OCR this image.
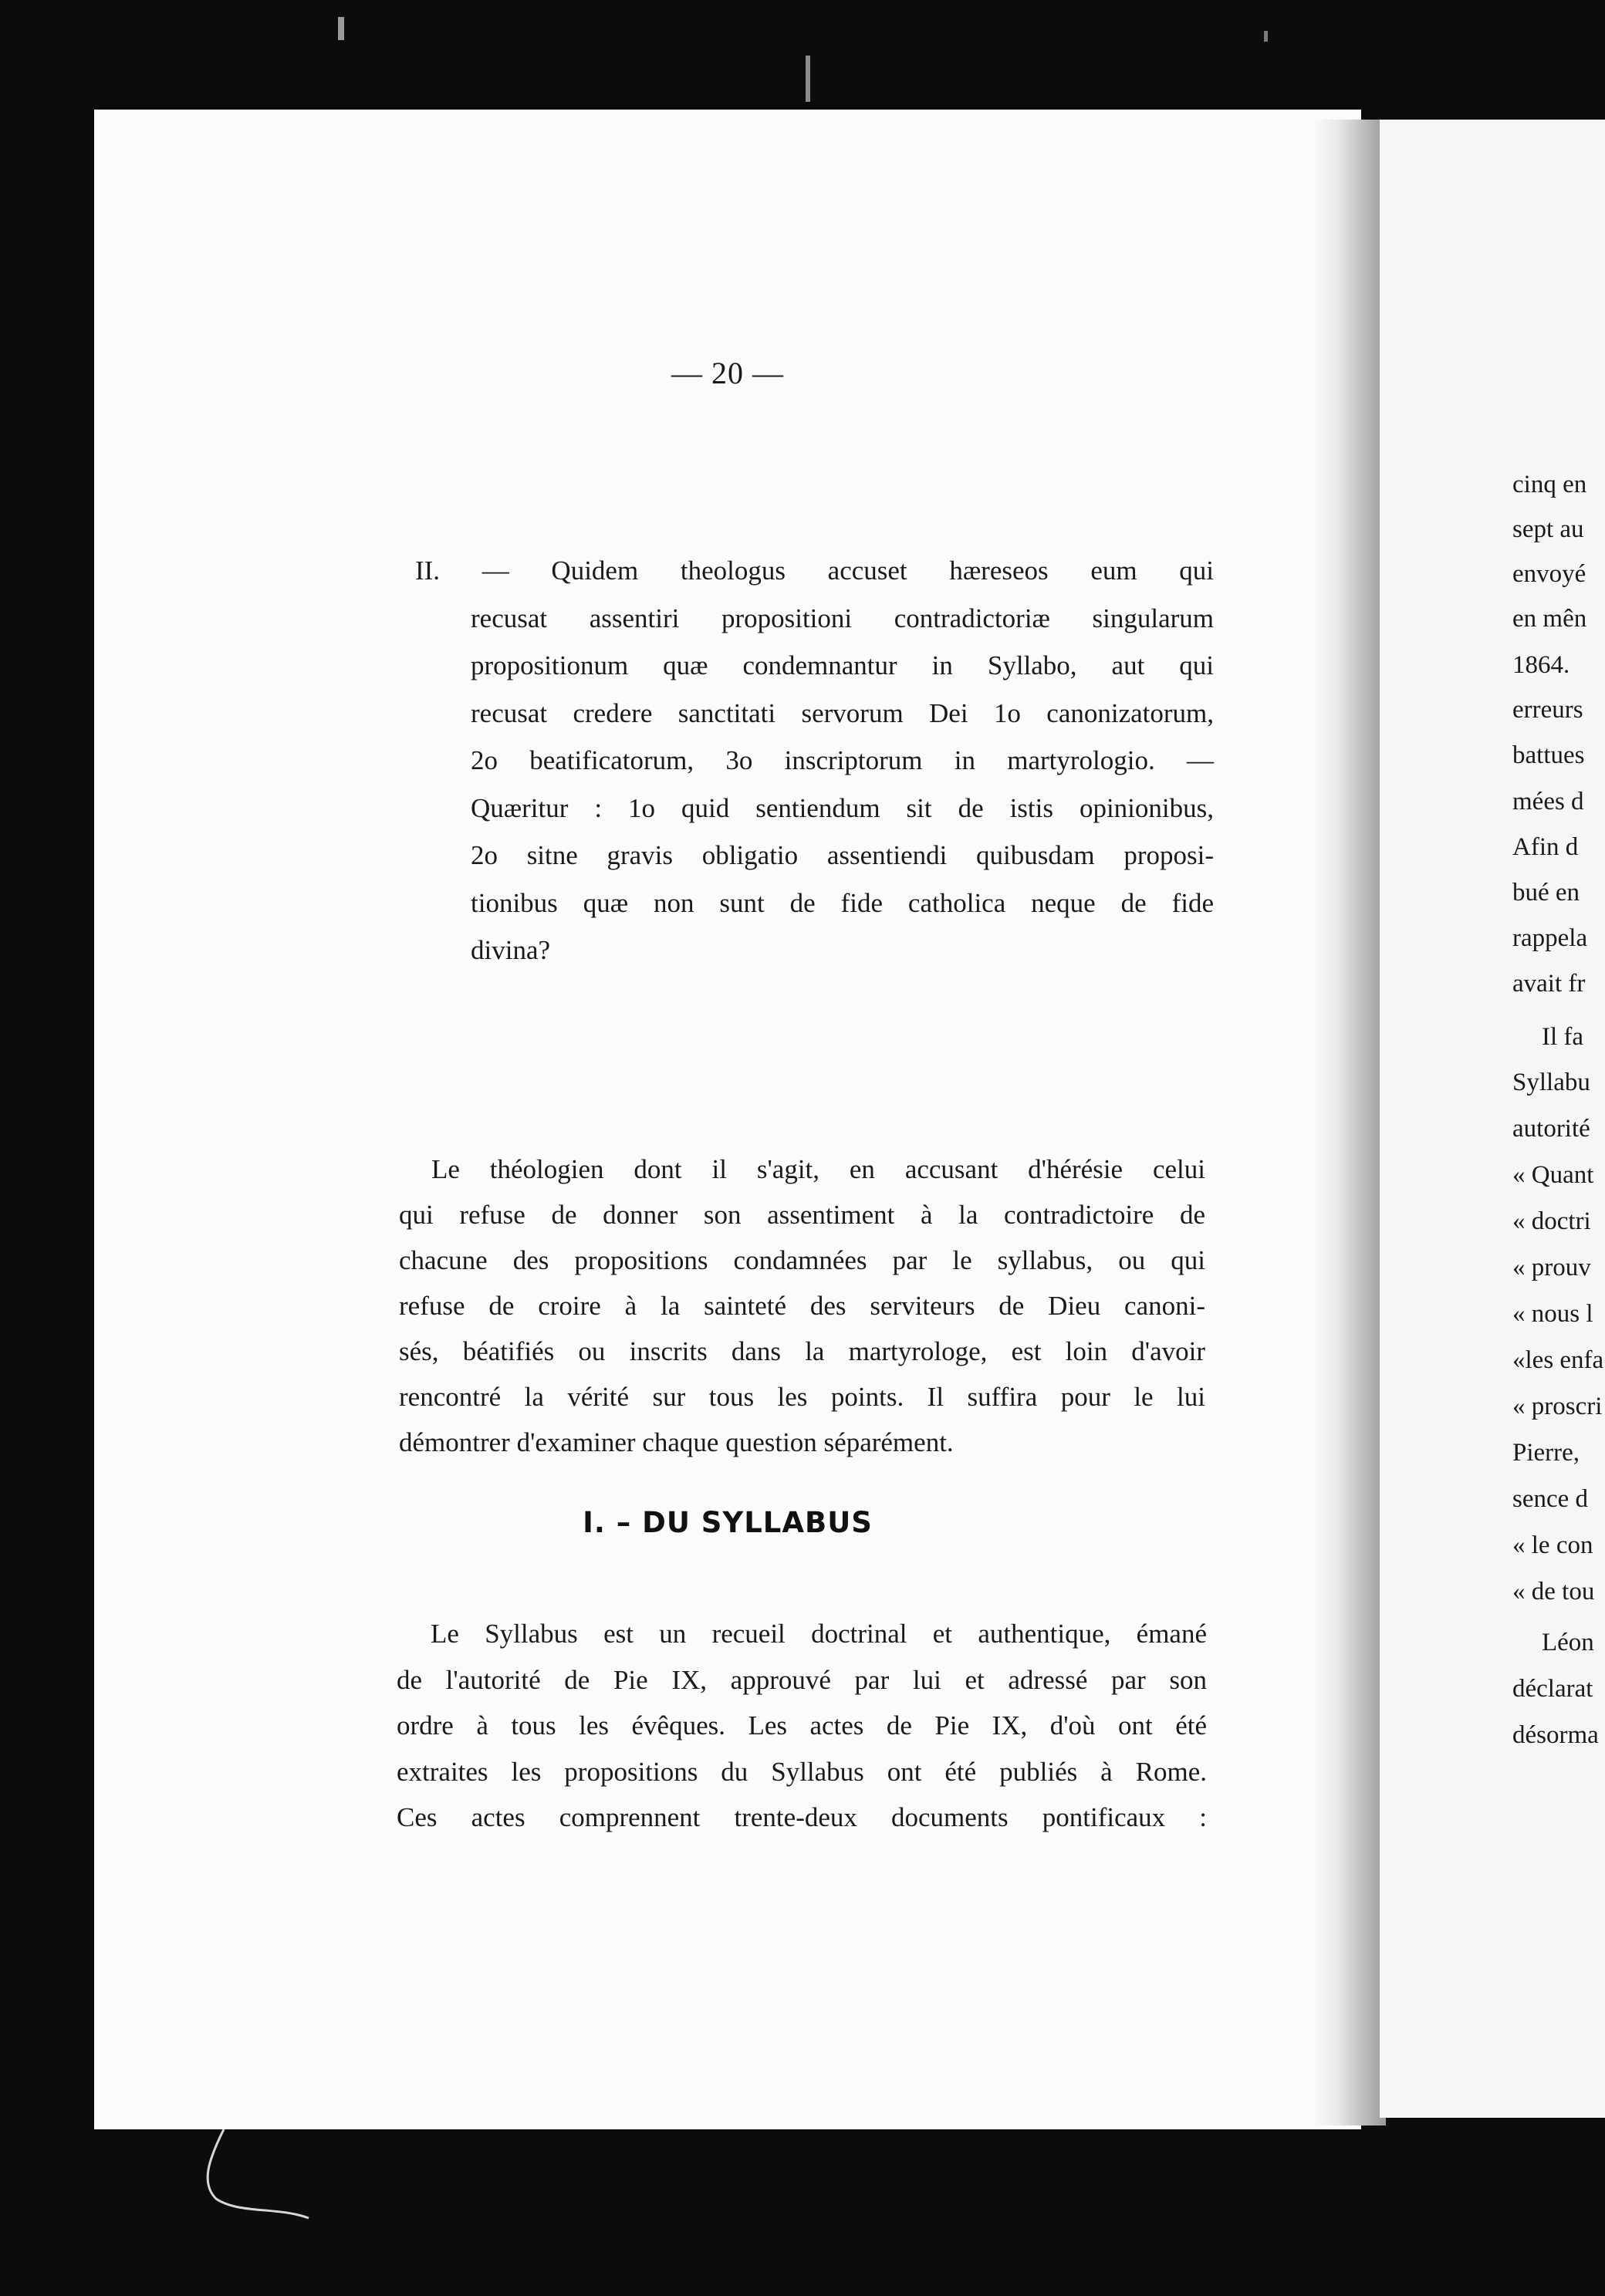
— 20 —
II. — Quidem theologus accuset hæreseos eum qui
recusat assentiri propositioni contradictoriæ singularum
propositionum quæ condemnantur in Syllabo, aut qui
recusat credere sanctitati servorum Dei 1o canonizatorum,
2o beatificatorum, 3o inscriptorum in martyrologio. —
Quæritur : 1o quid sentiendum sit de istis opinionibus,
2o sitne gravis obligatio assentiendi quibusdam proposi-
tionibus quæ non sunt de fide catholica neque de fide
divina?
Le théologien dont il s'agit, en accusant d'hérésie celui
qui refuse de donner son assentiment à la contradictoire de
chacune des propositions condamnées par le syllabus, ou qui
refuse de croire à la sainteté des serviteurs de Dieu canoni-
sés, béatifiés ou inscrits dans la martyrologe, est loin d'avoir
rencontré la vérité sur tous les points. Il suffira pour le lui
démontrer d'examiner chaque question séparément.
I. – DU SYLLABUS
Le Syllabus est un recueil doctrinal et authentique, émané
de l'autorité de Pie IX, approuvé par lui et adressé par son
ordre à tous les évêques. Les actes de Pie IX, d'où ont été
extraites les propositions du Syllabus ont été publiés à Rome.
Ces actes comprennent trente-deux documents pontificaux :
cinq en
sept au
envoyé
en mên
1864.
erreurs
battues
mées d
Afin d
bué en
rappela
avait fr
Il fa
Syllabu
autorité
« Quant
« doctri
« prouv
« nous l
«les enfa
« proscri
Pierre,
sence d
« le con
« de tou
Léon
déclarat
désorma
